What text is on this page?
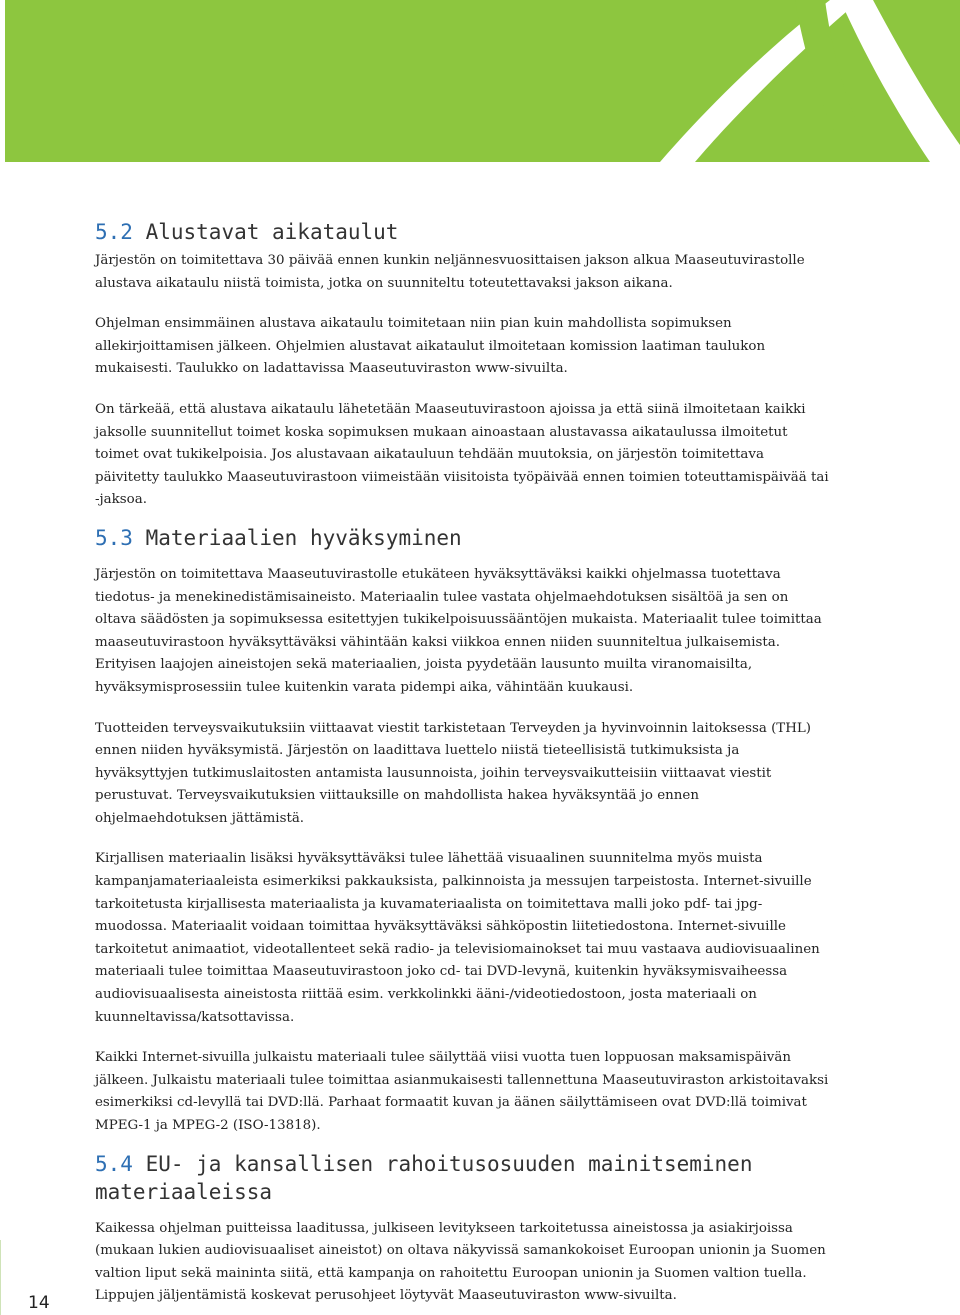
5.2 Alustavat aikataulut

Järjestön on toimitettava 30 päivää ennen kunkin neljännesvuosittaisen jakson alkua Maaseutuvirastolle alustava aikataulu niistä toimista, jotka on suunniteltu toteutettavaksi jakson aikana.

Ohjelman ensimmäinen alustava aikataulu toimitetaan niin pian kuin mahdollista sopimuksen allekirjoittamisen jälkeen. Ohjelmien alustavat aikataulut ilmoitetaan komission laatiman taulukon mukaisesti. Taulukko on ladattavissa Maaseutuviraston www-sivuilta.

On tärkeää, että alustava aikataulu lähetetään Maaseutuvirastoon ajoissa ja että siinä ilmoitetaan kaikki jaksolle suunnitellut toimet koska sopimuksen mukaan ainoastaan alustavassa aikataulussa ilmoitetut toimet ovat tukikelpoisia. Jos alustavaan aikatauluun tehdään muutoksia, on järjestön toimitettava päivitetty taulukko Maaseutuvirastoon viimeistään viisitoista työpäivää ennen toimien toteuttamispäivää tai -jaksoa.

5.3 Materiaalien hyväksyminen

Järjestön on toimitettava Maaseutuvirastolle etukäteen hyväksyttäväksi kaikki ohjelmassa tuotettava tiedotus- ja menekinedistämisaineisto. Materiaalin tulee vastata ohjelmaehdotuksen sisältöä ja sen on oltava säädösten ja sopimuksessa esitettyjen tukikelpoisuussääntöjen mukaista. Materiaalit tulee toimittaa maaseutuvirastoon hyväksyttäväksi vähintään kaksi viikkoa ennen niiden suunniteltua julkaisemista. Erityisen laajojen aineistojen sekä materiaalien, joista pyydetään lausunto muilta viranomaisilta, hyväksymisprosessiin tulee kuitenkin varata pidempi aika, vähintään kuukausi.

Tuotteiden terveysvaikutuksiin viittaavat viestit tarkistetaan Terveyden ja hyvinvoinnin laitoksessa (THL) ennen niiden hyväksymistä. Järjestön on laadittava luettelo niistä tieteellisistä tutkimuksista ja hyväksyttyjen tutkimuslaitosten antamista lausunnoista, joihin terveysvaikutteisiin viittaavat viestit perustuvat. Terveysvaikutuksien viittauksille on mahdollista hakea hyväksyntää jo ennen ohjelmaehdotuksen jättämistä.

Kirjallisen materiaalin lisäksi hyväksyttäväksi tulee lähettää visuaalinen suunnitelma myös muista kampanjamateriaaleista esimerkiksi pakkauksista, palkinnoista ja messujen tarpeistosta. Internet-sivuille tarkoitetusta kirjallisesta materiaalista ja kuvamateriaalista on toimitettava malli joko pdf- tai jpg-muodossa. Materiaalit voidaan toimittaa hyväksyttäväksi sähköpostin liitetiedostona. Internet-sivuille tarkoitetut animaatiot, videotallenteet sekä radio- ja televisiomainokset tai muu vastaava audiovisuaalinen materiaali tulee toimittaa Maaseutuvirastoon joko cd- tai DVD-levynä, kuitenkin hyväksymisvaiheessa audiovisuaalisesta aineistosta riittää esim. verkkolinkki ääni-/videotiedostoon, josta materiaali on kuunneltavissa/katsottavissa.

Kaikki Internet-sivuilla julkaistu materiaali tulee säilyttää viisi vuotta tuen loppuosan maksamispäivän jälkeen. Julkaistu materiaali tulee toimittaa asianmukaisesti tallennettuna Maaseutuviraston arkistoitavaksi esimerkiksi cd-levyllä tai DVD:llä. Parhaat formaatit kuvan ja äänen säilyttämiseen ovat DVD:llä toimivat MPEG-1 ja MPEG-2 (ISO-13818).

5.4 EU- ja kansallisen rahoitusosuuden mainitseminen materiaaleissa

Kaikessa ohjelman puitteissa laaditussa, julkiseen levitykseen tarkoitetussa aineistossa ja asiakirjoissa (mukaan lukien audiovisuaaliset aineistot) on oltava näkyvissä samankokoiset Euroopan unionin ja Suomen valtion liput sekä maininta siitä, että kampanja on rahoitettu Euroopan unionin ja Suomen valtion tuella. Lippujen jäljentämistä koskevat perusohjeet löytyvät Maaseutuviraston www-sivuilta.

14
